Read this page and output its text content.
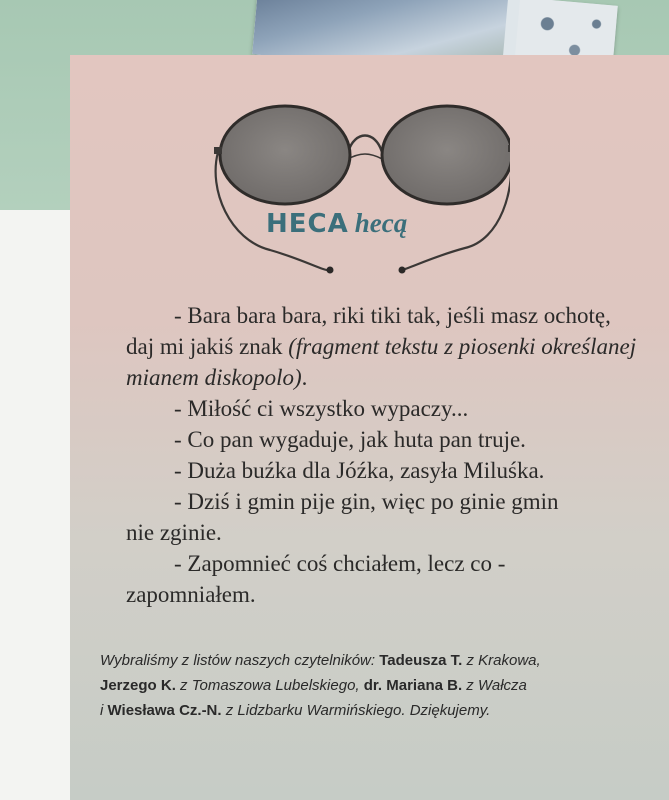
HECA hecą

- Bara bara bara, riki tiki tak, jeśli masz ochotę,

daj mi jakiś znak (fragment tekstu z piosenki określanej

mianem diskopolo).

- Miłość ci wszystko wypaczy...

- Co pan wygaduje, jak huta pan truje.

- Duża buźka dla Jóźka, zasyła Miluśka.

- Dziś i gmin pije gin, więc po ginie gmin

nie zginie.

- Zapomnieć coś chciałem, lecz co -

zapomniałem.

Wybraliśmy z listów naszych czytelników: Tadeusza T. z Krakowa,
Jerzego K. z Tomaszowa Lubelskiego, dr. Mariana B. z Wałcza
i Wiesława Cz.-N. z Lidzbarku Warmińskiego. Dziękujemy.
